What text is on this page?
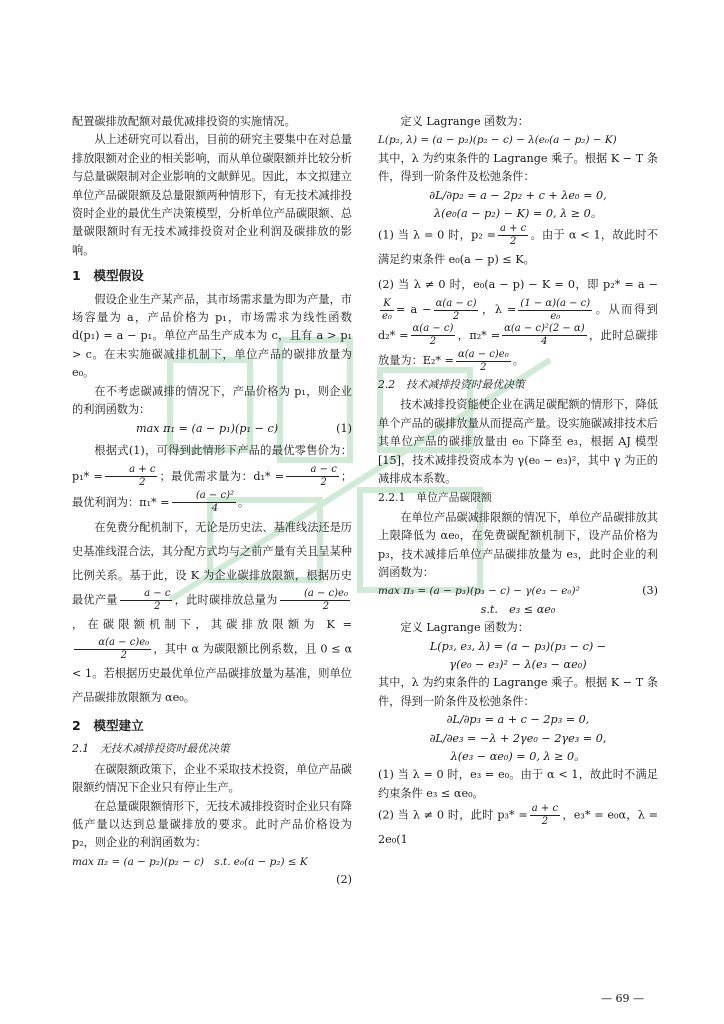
配置碳排放配额对最优减排投资的实施情况。

从上述研究可以看出，目前的研究主要集中在对总量排放限额对企业的相关影响，而从单位碳限额并比较分析与总量碳限制对企业影响的文献鲜见。因此，本文拟建立单位产品碳限额及总量限额两种情形下，有无技术减排投资时企业的最优生产决策模型，分析单位产品碳限额、总量碳限额时有无技术减排投资对企业利润及碳排放的影响。

1　模型假设

假设企业生产某产品，其市场需求量为即为产量，市场容量为 a，产品价格为 p₁，市场需求为线性函数 d(p₁) = a − p₁。单位产品生产成本为 c，且有 a > p₁ > c。在未实施碳减排机制下，单位产品的碳排放量为 e₀。

在不考虑碳减排的情况下，产品价格为 p₁，则企业的利润函数为：

max π₁ = (a − p₁)(p₁ − c)	(1)

根据式(1)，可得到此情形下产品的最优零售价为：$p_1* = \frac{a + c}{2}$ ；最优需求量为：$d_1* = \frac{a - c}{2}$ ；最优利润为：$\pi_1* = \frac{\text{(a − c)²}}{4}$ 。

在免费分配机制下，无论是历史法、基准线法还是历史基准线混合法，其分配方式均与之前产量有关且呈某种比例关系。基于此，设 K 为企业碳排放限额，根据历史最优产量 $\frac{a - c}{2}$ ，此时碳排放总量为 $\frac{\text{(a − c)e₀}}{2}$
，在碳限额机制下，其碳排放限额为 K =
$\frac{\text{α(a − c)e₀}}{2}$ ，其中 α 为碳限额比例系数，且 0 ≤ α < 1。若根据历史最优单位产品碳排放量为基准，则单位产品碳排放限额为 αe₀。

2　模型建立
2.1　无技术减排投资时最优决策

在碳限额政策下，企业不采取技术投资，单位产品碳限额约情况下企业只有停止生产。

在总量碳限额情形下，无技术减排投资时企业只有降低产量以达到总量碳排放的要求。此时产品价格设为 p₂，则企业的利润函数为：

max π₂ = (a − p₂)(p₂ − c)　s.t. e₀(a − p₂) ≤ K
(2)

定义 Lagrange 函数为：

L(p₂, λ) = (a − p₂)(p₂ − c) − λ(e₀(a − p₂) − K)

其中，λ 为约束条件的 Lagrange 乘子。根据 K − T 条件，得到一阶条件及松弛条件：

∂L/∂p₂ = a − 2p₂ + c + λe₀ = 0,
λ(e₀(a − p₂) − K) = 0, λ ≥ 0。

(1) 当 λ = 0 时，$p_2 = \frac{a + c}{2}$ 。由于 α < 1，故此时不满足约束条件 e₀(a − p) ≤ K。

(2) 当 λ ≠ 0 时，e₀(a − p) − K = 0，即 p₂* = a −
$\frac{K}{\text{e₀}} = a - \frac{\alpha(a - c)}{2}$ ，$\lambda = \frac{(1 - \alpha)(a - c)}{\text{e₀}}$ 。从而得到 $d_2* = \frac{\alpha(a - c)}{2}$ ，$\pi_2* = \frac{\text{α(a − c)²(2 − α)}}{4}$ ，此时总碳排放量为：$E_2* = \frac{\text{α(a − c)e₀}}{2}$ 。

2.2　技术减排投资时最优决策

技术减排投资能使企业在满足碳配额的情形下，降低单个产品的碳排放量从而提高产量。设实施碳减排技术后其单位产品的碳排放量由 e₀ 下降至 e₃，根据 AJ 模型[15]，技术减排投资成本为 γ(e₀ − e₃)²，其中 γ 为正的减排成本系数。

2.2.1　单位产品碳限额

在单位产品碳减排限额的情况下，单位产品碳排放其上限降低为 αe₀，在免费碳配额机制下，设产品价格为 p₃，技术减排后单位产品碳排放量为 e₃，此时企业的利润函数为：

max π₃ = (a − p₃)(p₃ − c) − γ(e₃ − e₀)²	(3)
s.t.　e₃ ≤ αe₀

定义 Lagrange 函数为：

L(p₃, e₃, λ) = (a − p₃)(p₃ − c) −
γ(e₀ − e₃)² − λ(e₃ − αe₀)

其中，λ 为约束条件的 Lagrange 乘子。根据 K − T 条件，得到一阶条件及松弛条件：

∂L/∂p₃ = a + c − 2p₃ = 0,
∂L/∂e₃ = −λ + 2γe₀ − 2γe₃ = 0,
λ(e₃ − αe₀) = 0, λ ≥ 0。

(1) 当 λ = 0 时，e₃ = e₀。由于 α < 1，故此时不满足约束条件 e₃ ≤ αe₀。

(2) 当 λ ≠ 0 时，此时 $p_3* = \frac{a + c}{2}$ ，e₃* = e₀α，λ = 2e₀(1

— 69 —
